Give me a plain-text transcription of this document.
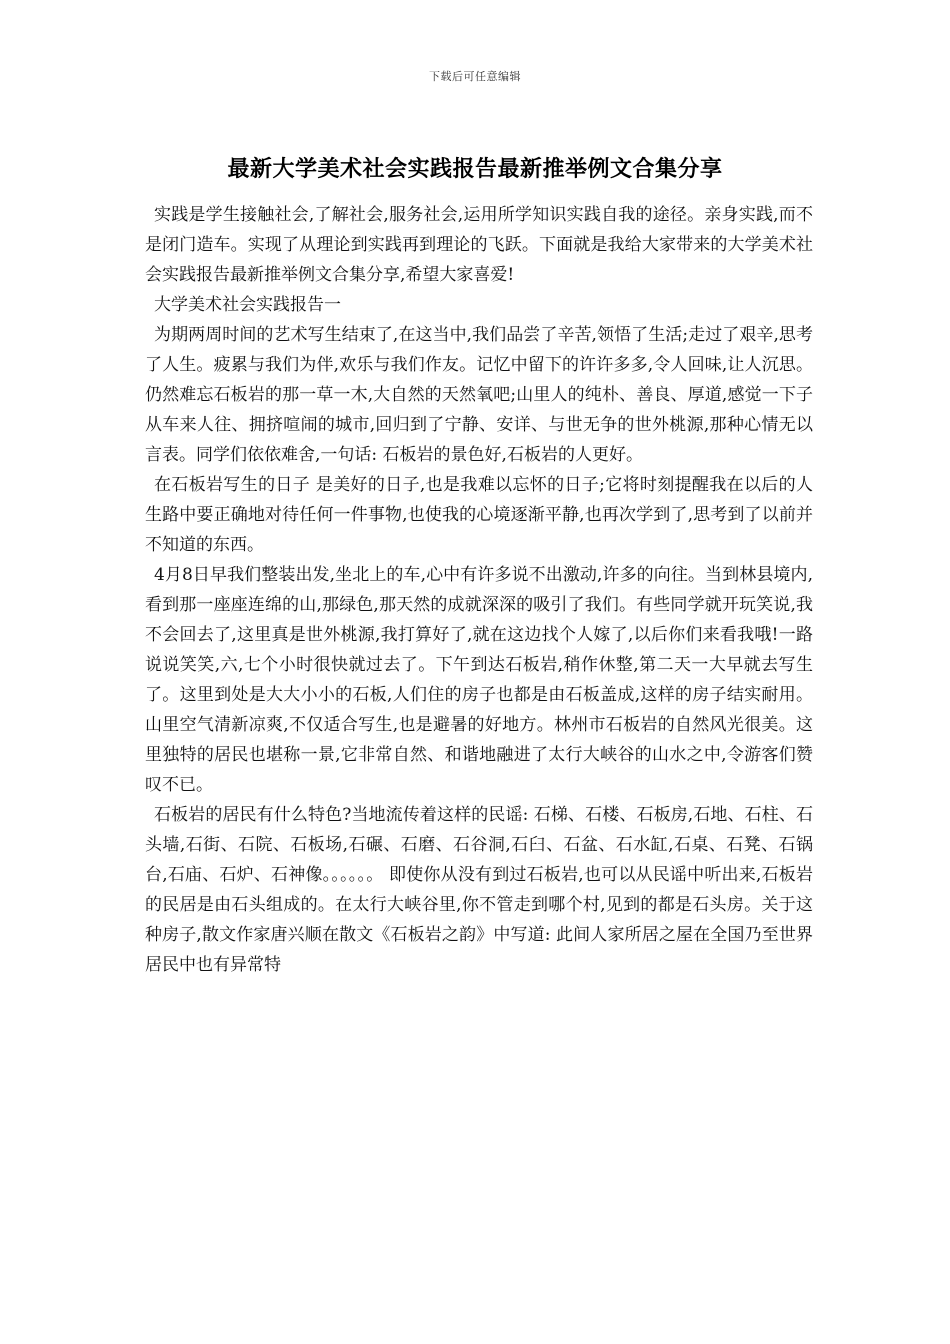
下载后可任意编辑
最新大学美术社会实践报告最新推举例文合集分享

实践是学生接触社会,了解社会,服务社会,运用所学知识实践自我的途径。亲身实践,而不是闭门造车。实现了从理论到实践再到理论的飞跃。下面就是我给大家带来的大学美术社会实践报告最新推举例文合集分享,希望大家喜爱!

大学美术社会实践报告一

为期两周时间的艺术写生结束了,在这当中,我们品尝了辛苦,领悟了生活;走过了艰辛,思考了人生。疲累与我们为伴,欢乐与我们作友。记忆中留下的许许多多,令人回味,让人沉思。仍然难忘石板岩的那一草一木,大自然的天然氧吧;山里人的纯朴、善良、厚道,感觉一下子从车来人往、拥挤喧闹的城市,回归到了宁静、安详、与世无争的世外桃源,那种心情无以言表。同学们依依难舍,一句话: 石板岩的景色好,石板岩的人更好。

在石板岩写生的日子 是美好的日子,也是我难以忘怀的日子;它将时刻提醒我在以后的人生路中要正确地对待任何一件事物,也使我的心境逐渐平静,也再次学到了,思考到了以前并不知道的东西。

4月8日早我们整装出发,坐北上的车,心中有许多说不出激动,许多的向往。当到林县境内,看到那一座座连绵的山,那绿色,那天然的成就深深的吸引了我们。有些同学就开玩笑说,我不会回去了,这里真是世外桃源,我打算好了,就在这边找个人嫁了,以后你们来看我哦!一路说说笑笑,六,七个小时很快就过去了。下午到达石板岩,稍作休整,第二天一大早就去写生了。这里到处是大大小小的石板,人们住的房子也都是由石板盖成,这样的房子结实耐用。山里空气清新凉爽,不仅适合写生,也是避暑的好地方。林州市石板岩的自然风光很美。这里独特的居民也堪称一景,它非常自然、和谐地融进了太行大峡谷的山水之中,令游客们赞叹不已。

石板岩的居民有什么特色?当地流传着这样的民谣: 石梯、石楼、石板房,石地、石柱、石头墙,石街、石院、石板场,石碾、石磨、石谷洞,石臼、石盆、石水缸,石桌、石凳、石锅台,石庙、石炉、石神像。。。。。。 即使你从没有到过石板岩,也可以从民谣中听出来,石板岩的民居是由石头组成的。在太行大峡谷里,你不管走到哪个村,见到的都是石头房。关于这种房子,散文作家唐兴顺在散文《石板岩之韵》中写道: 此间人家所居之屋在全国乃至世界居民中也有异常特
